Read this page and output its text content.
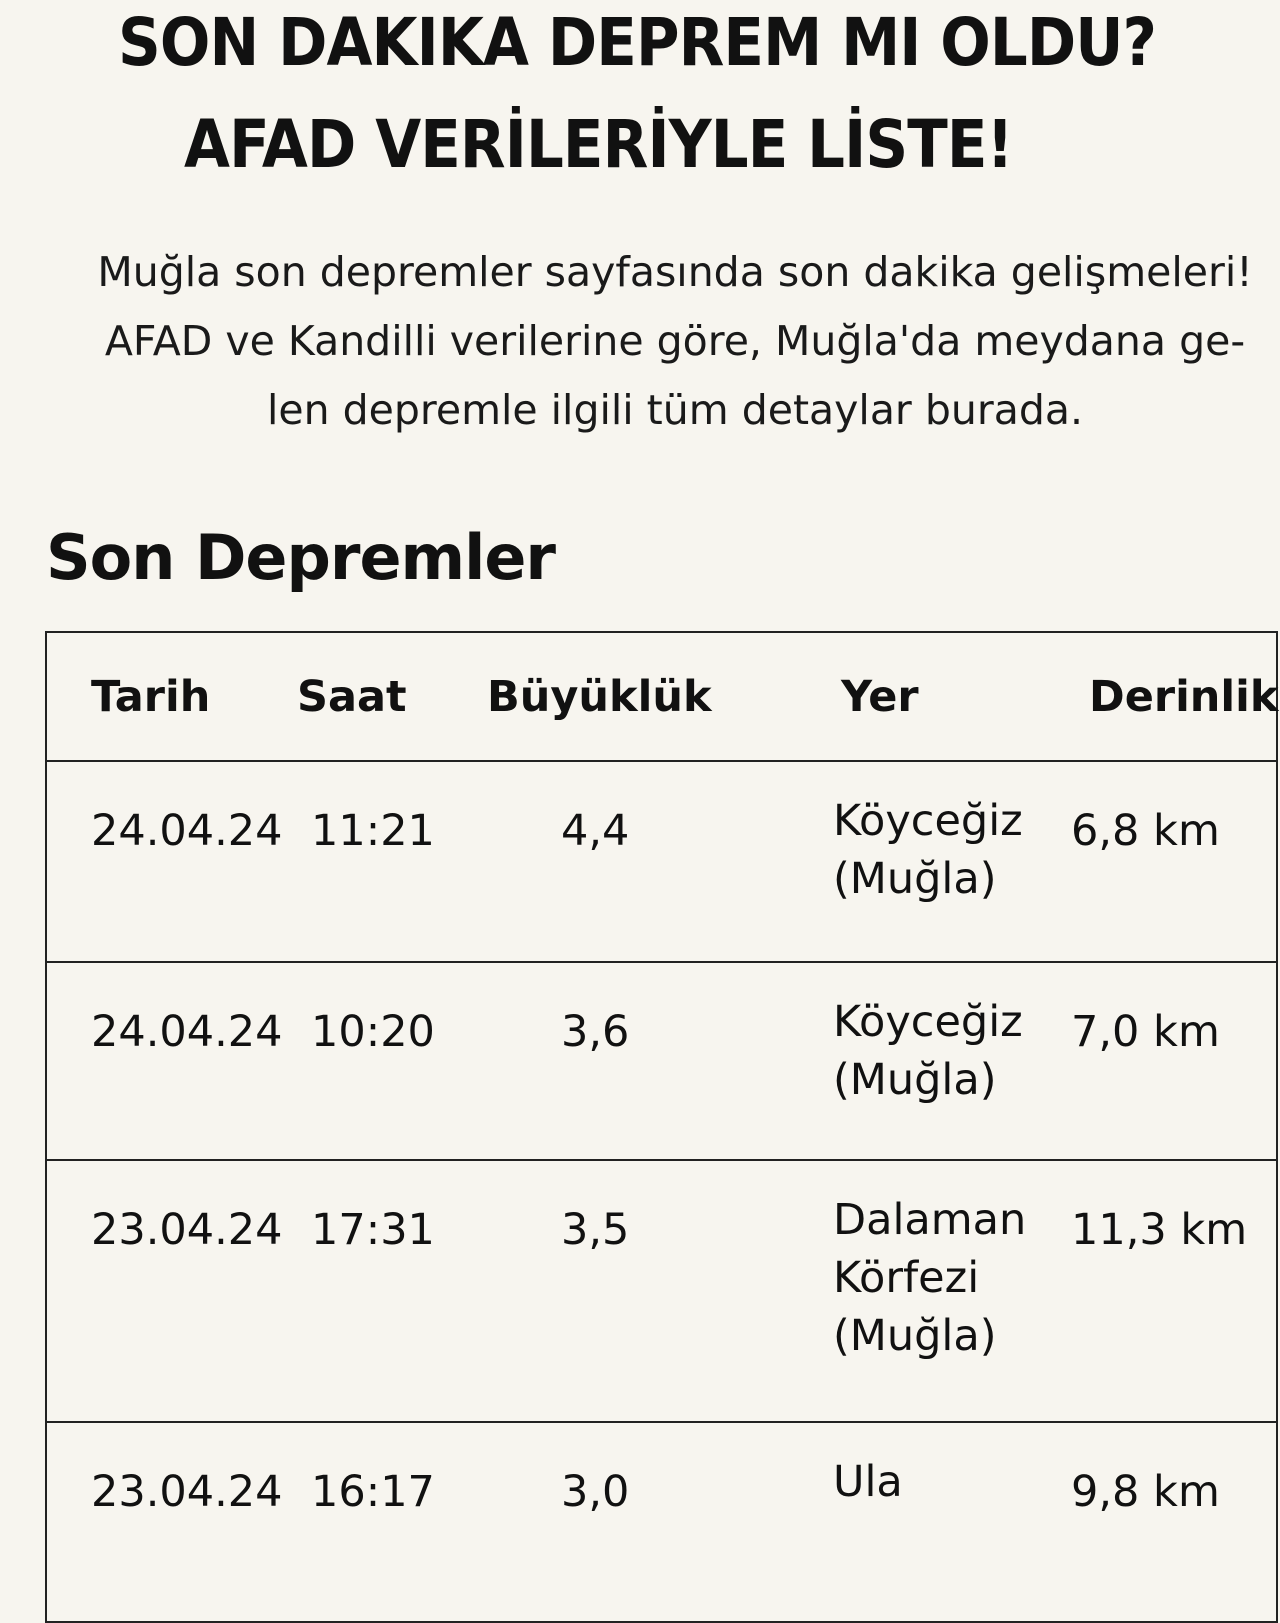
SON DAKIKA DEPREM MI OLDU?
AFAD VERİLERİYLE LİSTE!

Muğla son depremler sayfasında son dakika gelişmeleri!
AFAD ve Kandilli verilerine göre, Muğla'da meydana ge-
len depremle ilgili tüm detaylar burada.

Son Depremler
Tarih	Saat	Büyüklük	Yer	Derinlik
24.04.24	11:21	4,4	Köyceğiz (Muğla)	6,8 km
24.04.24	10:20	3,6	Köyceğiz (Muğla)	7,0 km
23.04.24	17:31	3,5	Dalaman Körfezi (Muğla)	11,3 km
23.04.24	16:17	3,0	Ula	9,8 km
